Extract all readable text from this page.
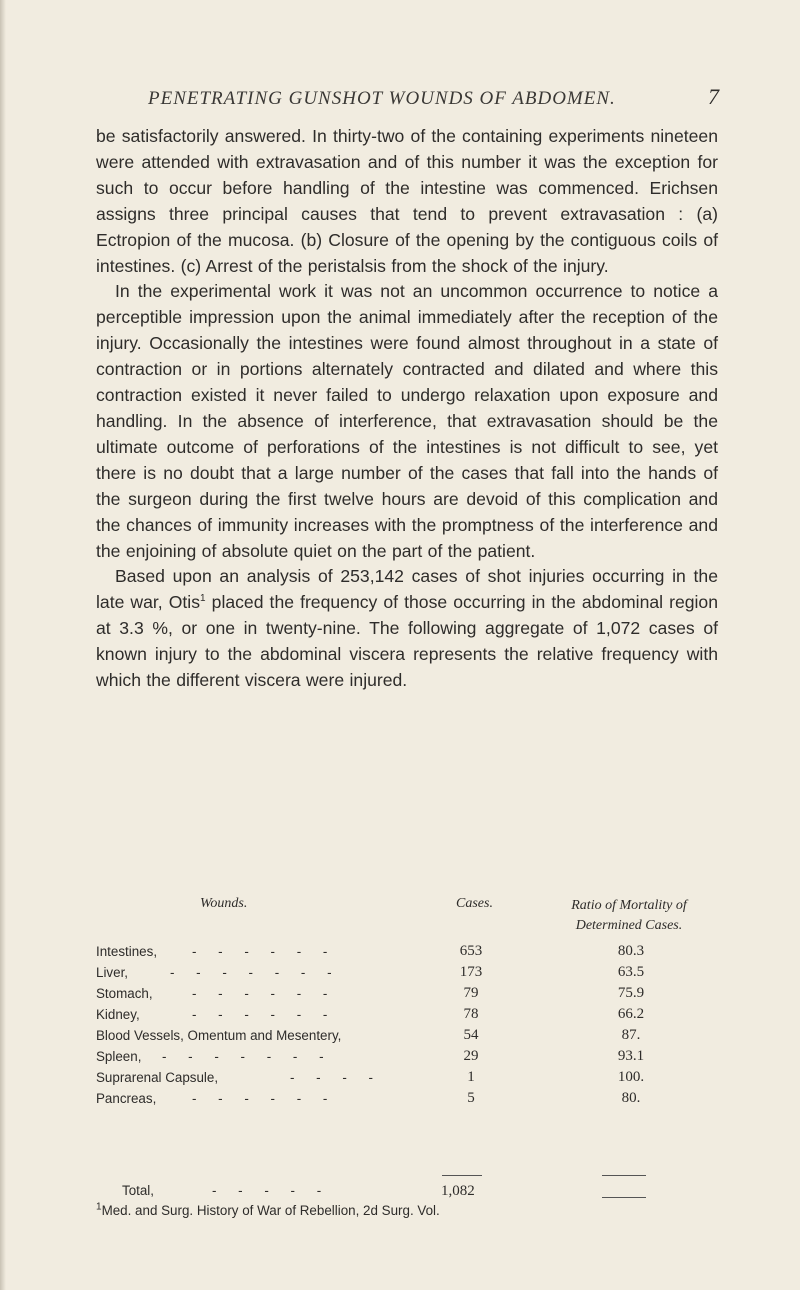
PENETRATING GUNSHOT WOUNDS OF ABDOMEN.	7

be satisfactorily answered. In thirty-two of the containing experiments nineteen were attended with extravasation and of this number it was the exception for such to occur before handling of the intestine was commenced. Erichsen assigns three principal causes that tend to prevent extravasation : (a) Ectropion of the mucosa. (b) Closure of the opening by the contiguous coils of intestines. (c) Arrest of the peristalsis from the shock of the injury.

In the experimental work it was not an uncommon occurrence to notice a perceptible impression upon the animal immediately after the reception of the injury. Occasionally the intestines were found almost throughout in a state of contraction or in portions alternately contracted and dilated and where this contraction existed it never failed to undergo relaxation upon exposure and handling. In the absence of interference, that extravasation should be the ultimate outcome of perforations of the intestines is not difficult to see, yet there is no doubt that a large number of the cases that fall into the hands of the surgeon during the first twelve hours are devoid of this complication and the chances of immunity increases with the promptness of the interference and the enjoining of absolute quiet on the part of the patient.

Based upon an analysis of 253,142 cases of shot injuries occurring in the late war, Otis$^1$ placed the frequency of those occurring in the abdominal region at 3.3 %, or one in twenty-nine. The following aggregate of 1,072 cases of known injury to the abdominal viscera represents the relative frequency with which the different viscera were injured.

Wounds.	Cases.	Ratio of Mortality of
Determined Cases.
Intestines,	- - - - - -	653	80.3
Liver,	- - - - - - -	173	63.5
Stomach,	- - - - - -	79	75.9
Kidney,	- - - - - -	78	66.2
Blood Vessels, Omentum and Mesentery,	54	87.
Spleen, - - - - - - -	29	93.1
Suprarenal Capsule,	- - - -	1	100.
Pancreas,	- - - - - -	5	80.
Total,	- - - - -	1,082
$^1$Med. and Surg. History of War of Rebellion, 2d Surg. Vol.
